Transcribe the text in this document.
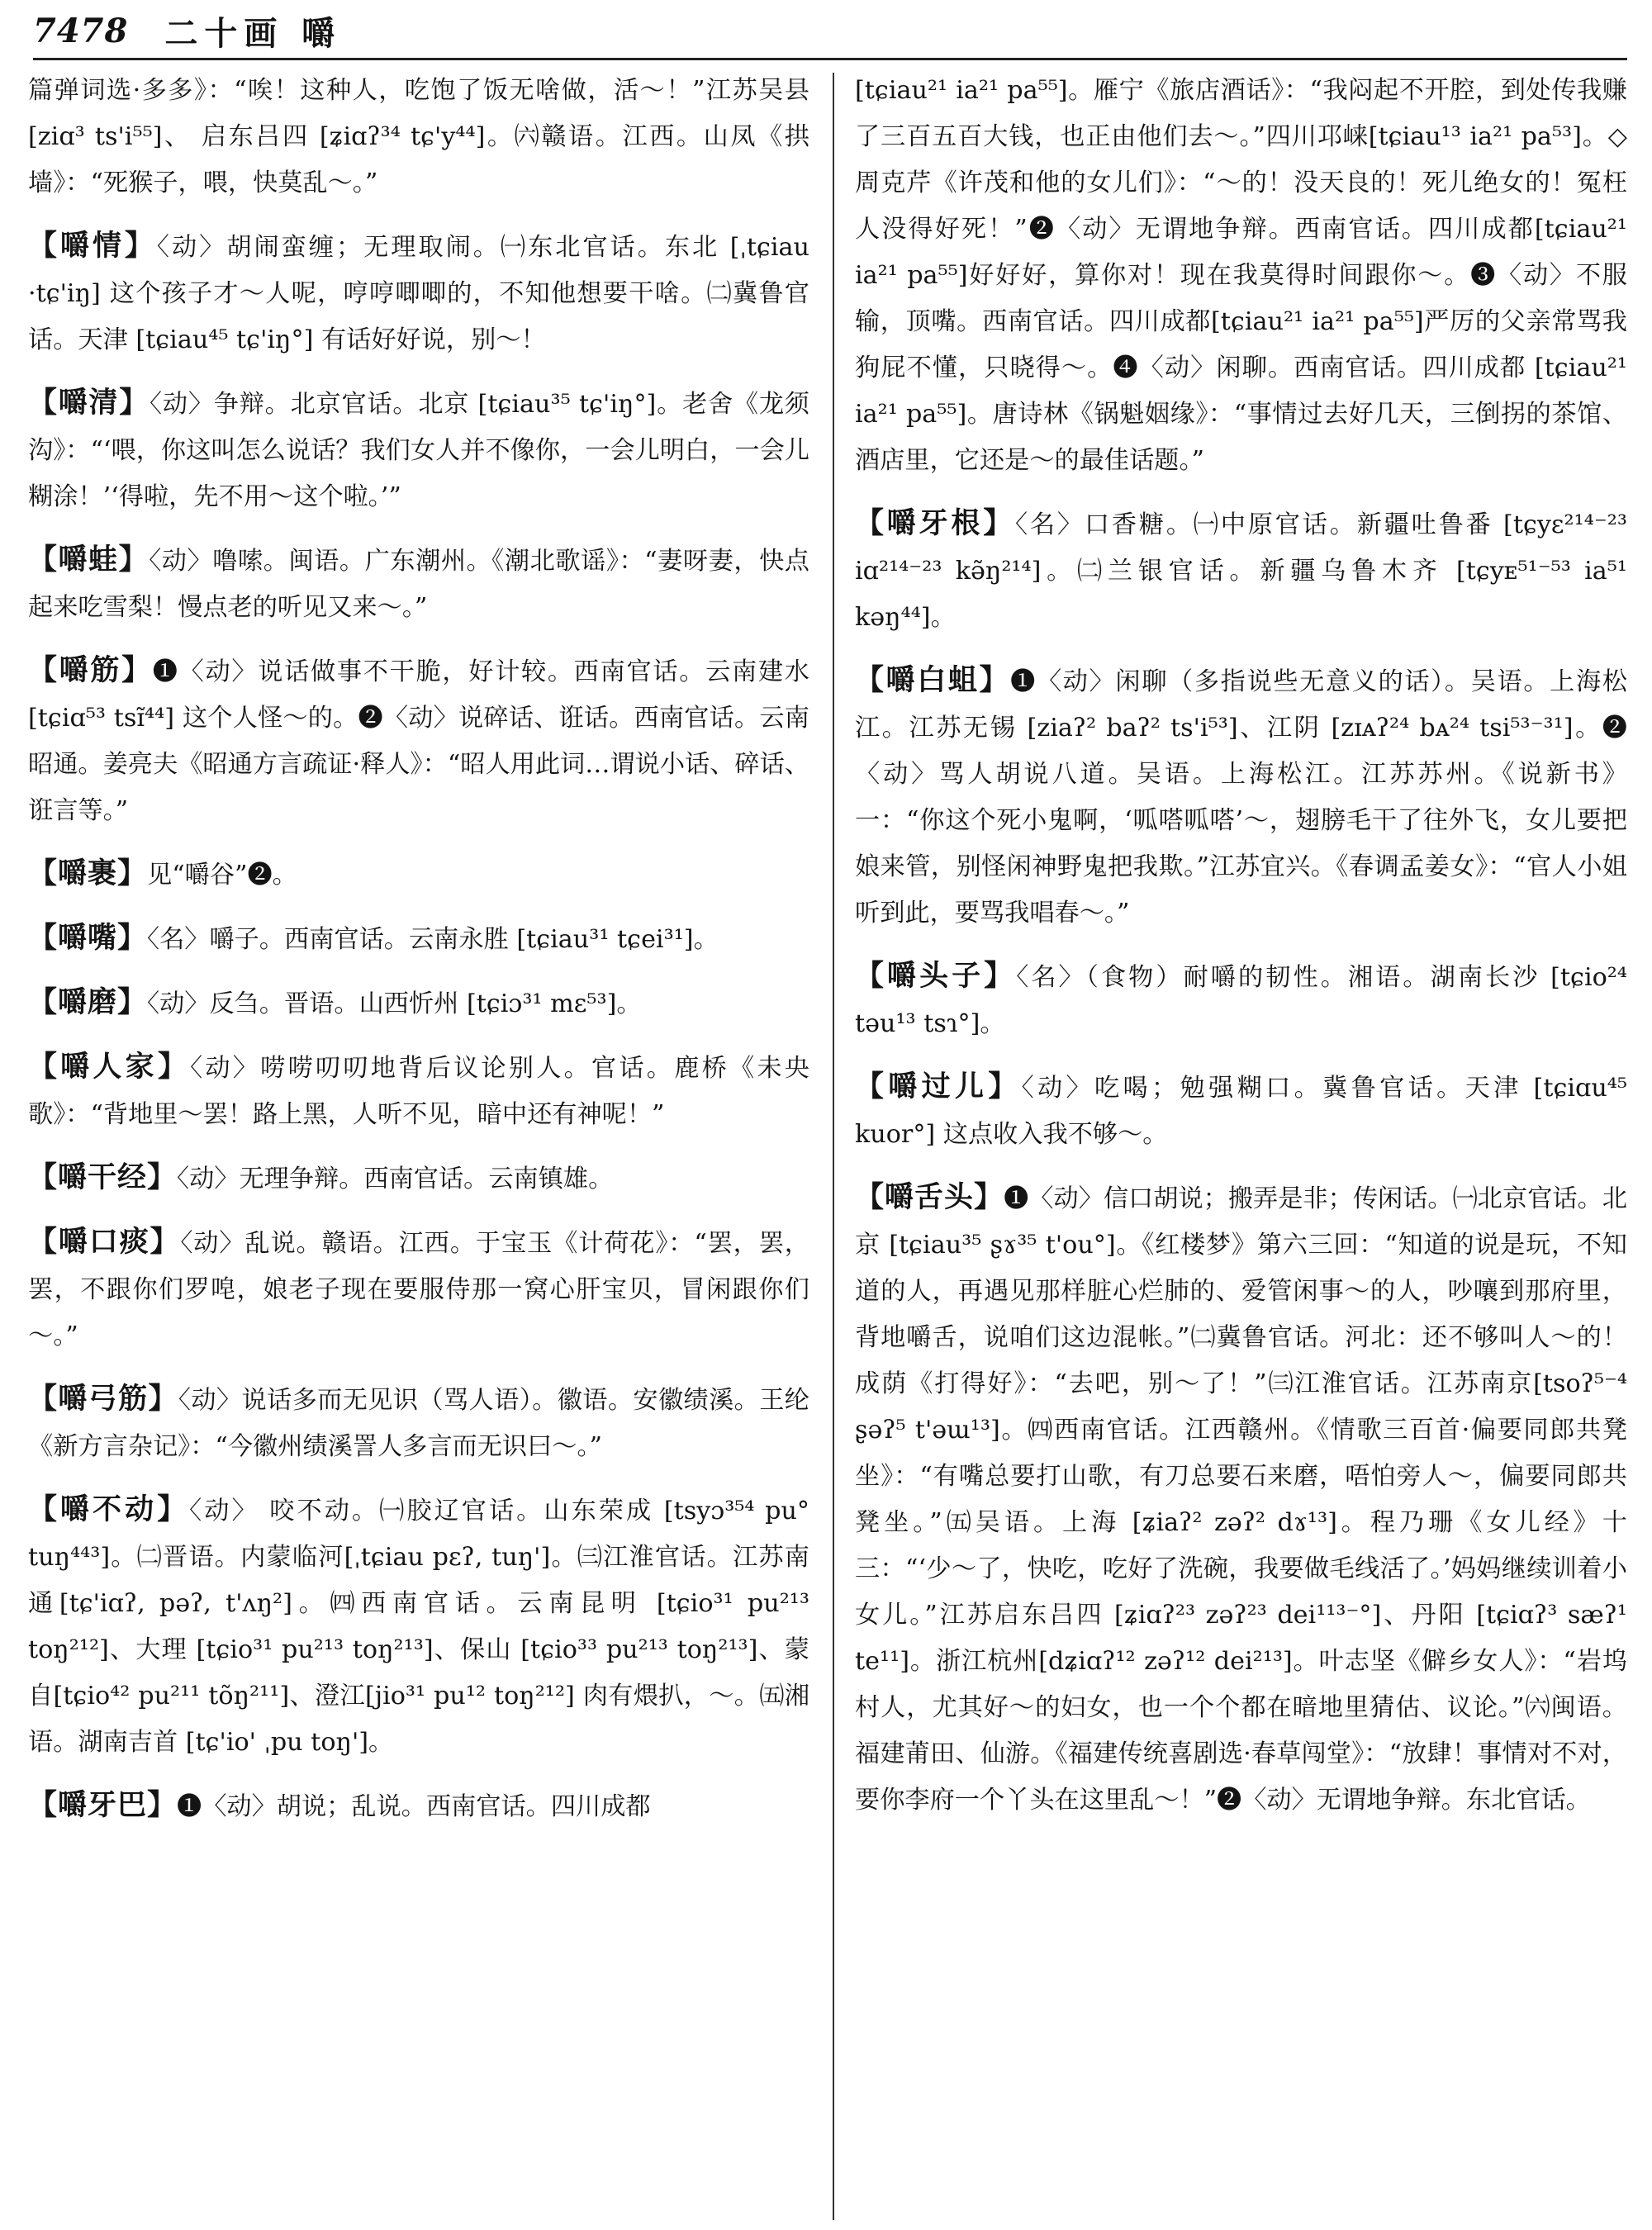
7478 二十画 嚼
篇弹词选·多多》：“唉！这种人，吃饱了饭无啥做，活～！”江苏吴县 [ziɑ³ ts'i⁵⁵]、 启东吕四 [ʑiɑʔ³⁴ tɕ'y⁴⁴]。㈥赣语。江西。山凤《拱墙》：“死猴子，喂，快莫乱～。”
【嚼情】〈动〉胡闹蛮缠；无理取闹。㈠东北官话。东北 [ˌtɕiau ·tɕ'iŋ] 这个孩子才～人呢，哼哼唧唧的，不知他想要干啥。㈡冀鲁官话。天津 [tɕiau⁴⁵ tɕ'iŋ°] 有话好好说，别～！
【嚼清】〈动〉争辩。北京官话。北京 [tɕiau³⁵ tɕ'iŋ°]。老舍《龙须沟》：“‘喂，你这叫怎么说话？我们女人并不像你，一会儿明白，一会儿糊涂！’‘得啦，先不用～这个啦。’”
【嚼蛙】〈动〉噜嗦。闽语。广东潮州。《潮北歌谣》：“妻呀妻，快点起来吃雪梨！慢点老的听见又来～。”
【嚼筋】❶〈动〉说话做事不干脆，好计较。西南官话。云南建水[tɕiɑ⁵³ tsɪ̃⁴⁴] 这个人怪～的。❷〈动〉说碎话、诳话。西南官话。云南昭通。姜亮夫《昭通方言疏证·释人》：“昭人用此词…谓说小话、碎话、诳言等。”
【嚼裹】见“嚼谷”❷。
【嚼嘴】〈名〉嚼子。西南官话。云南永胜 [tɕiau³¹ tɕei³¹]。
【嚼磨】〈动〉反刍。晋语。山西忻州 [tɕiɔ³¹ mɛ⁵³]。
【嚼人家】〈动〉唠唠叨叨地背后议论别人。官话。鹿桥《未央歌》：“背地里～罢！路上黑，人听不见，暗中还有神呢！”
【嚼干经】〈动〉无理争辩。西南官话。云南镇雄。
【嚼口痰】〈动〉乱说。赣语。江西。于宝玉《计荷花》：“罢，罢，罢，不跟你们罗唣，娘老子现在要服侍那一窝心肝宝贝，冒闲跟你们～。”
【嚼弓筋】〈动〉说话多而无见识（骂人语）。徽语。安徽绩溪。王纶《新方言杂记》：“今徽州绩溪詈人多言而无识曰～。”
【嚼不动】〈动〉 咬不动。㈠胶辽官话。山东荣成 [tsyɔ³⁵⁴ pu° tuŋ⁴⁴³]。㈡晋语。内蒙临河[ˌtɕiau pɛʔ, tuŋ']。㈢江淮官话。江苏南通[tɕ'iɑʔ, pəʔ, t'ʌŋ²]。㈣西南官话。云南昆明 [tɕio³¹ pu²¹³ toŋ²¹²]、大理 [tɕio³¹ pu²¹³ toŋ²¹³]、保山 [tɕio³³ pu²¹³ toŋ²¹³]、蒙自[tɕio⁴² pu²¹¹ tõŋ²¹¹]、澄江[jio³¹ pu¹² toŋ²¹²] 肉有煨扒，～。㈤湘语。湖南吉首 [tɕ'io' ˌpu toŋ']。
【嚼牙巴】❶〈动〉胡说；乱说。西南官话。四川成都
[tɕiau²¹ ia²¹ pa⁵⁵]。雁宁《旅店酒话》：“我闷起不开腔，到处传我赚了三百五百大钱，也正由他们去～。”四川邛崃[tɕiau¹³ ia²¹ pa⁵³]。◇周克芹《许茂和他的女儿们》：“～的！没天良的！死儿绝女的！冤枉人没得好死！”❷〈动〉无谓地争辩。西南官话。四川成都[tɕiau²¹ ia²¹ pa⁵⁵]好好好，算你对！现在我莫得时间跟你～。❸〈动〉不服输，顶嘴。西南官话。四川成都[tɕiau²¹ ia²¹ pa⁵⁵]严厉的父亲常骂我狗屁不懂，只晓得～。❹〈动〉闲聊。西南官话。四川成都 [tɕiau²¹ ia²¹ pa⁵⁵]。唐诗林《锅魁姻缘》：“事情过去好几天，三倒拐的茶馆、酒店里，它还是～的最佳话题。”
【嚼牙根】〈名〉口香糖。㈠中原官话。新疆吐鲁番 [tɕyɛ²¹⁴⁻²³ iɑ²¹⁴⁻²³ kə̃ŋ²¹⁴]。㈡兰银官话。新疆乌鲁木齐 [tɕyᴇ⁵¹⁻⁵³ ia⁵¹ kəŋ⁴⁴]。
【嚼白蛆】❶〈动〉闲聊（多指说些无意义的话）。吴语。上海松江。江苏无锡 [ziaʔ² baʔ² ts'i⁵³]、江阴 [zɪᴀʔ²⁴ bᴀ²⁴ tsi⁵³⁻³¹]。❷〈动〉骂人胡说八道。吴语。上海松江。江苏苏州。《说新书》一：“你这个死小鬼啊，‘呱嗒呱嗒’～，翅膀毛干了往外飞，女儿要把娘来管，别怪闲神野鬼把我欺。”江苏宜兴。《春调孟姜女》：“官人小姐听到此，要骂我唱春～。”
【嚼头子】〈名〉（食物）耐嚼的韧性。湘语。湖南长沙 [tɕio²⁴ təu¹³ tsɿ°]。
【嚼过儿】〈动〉吃喝；勉强糊口。冀鲁官话。天津 [tɕiɑu⁴⁵ kuor°] 这点收入我不够～。
【嚼舌头】❶〈动〉信口胡说；搬弄是非；传闲话。㈠北京官话。北京 [tɕiau³⁵ ʂɤ³⁵ t'ou°]。《红楼梦》第六三回：“知道的说是玩，不知道的人，再遇见那样脏心烂肺的、爱管闲事～的人，吵嚷到那府里，背地嚼舌，说咱们这边混帐。”㈡冀鲁官话。河北：还不够叫人～的！成荫《打得好》：“去吧，别～了！”㈢江淮官话。江苏南京[tsoʔ⁵⁻⁴ ʂəʔ⁵ t'əɯ¹³]。㈣西南官话。江西赣州。《情歌三百首·偏要同郎共凳坐》：“有嘴总要打山歌，有刀总要石来磨，唔怕旁人～，偏要同郎共凳坐。”㈤吴语。上海 [ʑiaʔ² zəʔ² dɤ¹³]。程乃珊《女儿经》十三：“‘少～了，快吃，吃好了洗碗，我要做毛线活了。’妈妈继续训着小女儿。”江苏启东吕四 [ʑiɑʔ²³ zəʔ²³ dei¹¹³⁻°]、丹阳 [tɕiɑʔ³ sæʔ¹ te¹¹]。浙江杭州[dʑiɑʔ¹² zəʔ¹² dei²¹³]。叶志坚《僻乡女人》：“岩坞村人，尤其好～的妇女，也一个个都在暗地里猜估、议论。”㈥闽语。福建莆田、仙游。《福建传统喜剧选·春草闯堂》：“放肆！事情对不对，要你李府一个丫头在这里乱～！”❷〈动〉无谓地争辩。东北官话。
